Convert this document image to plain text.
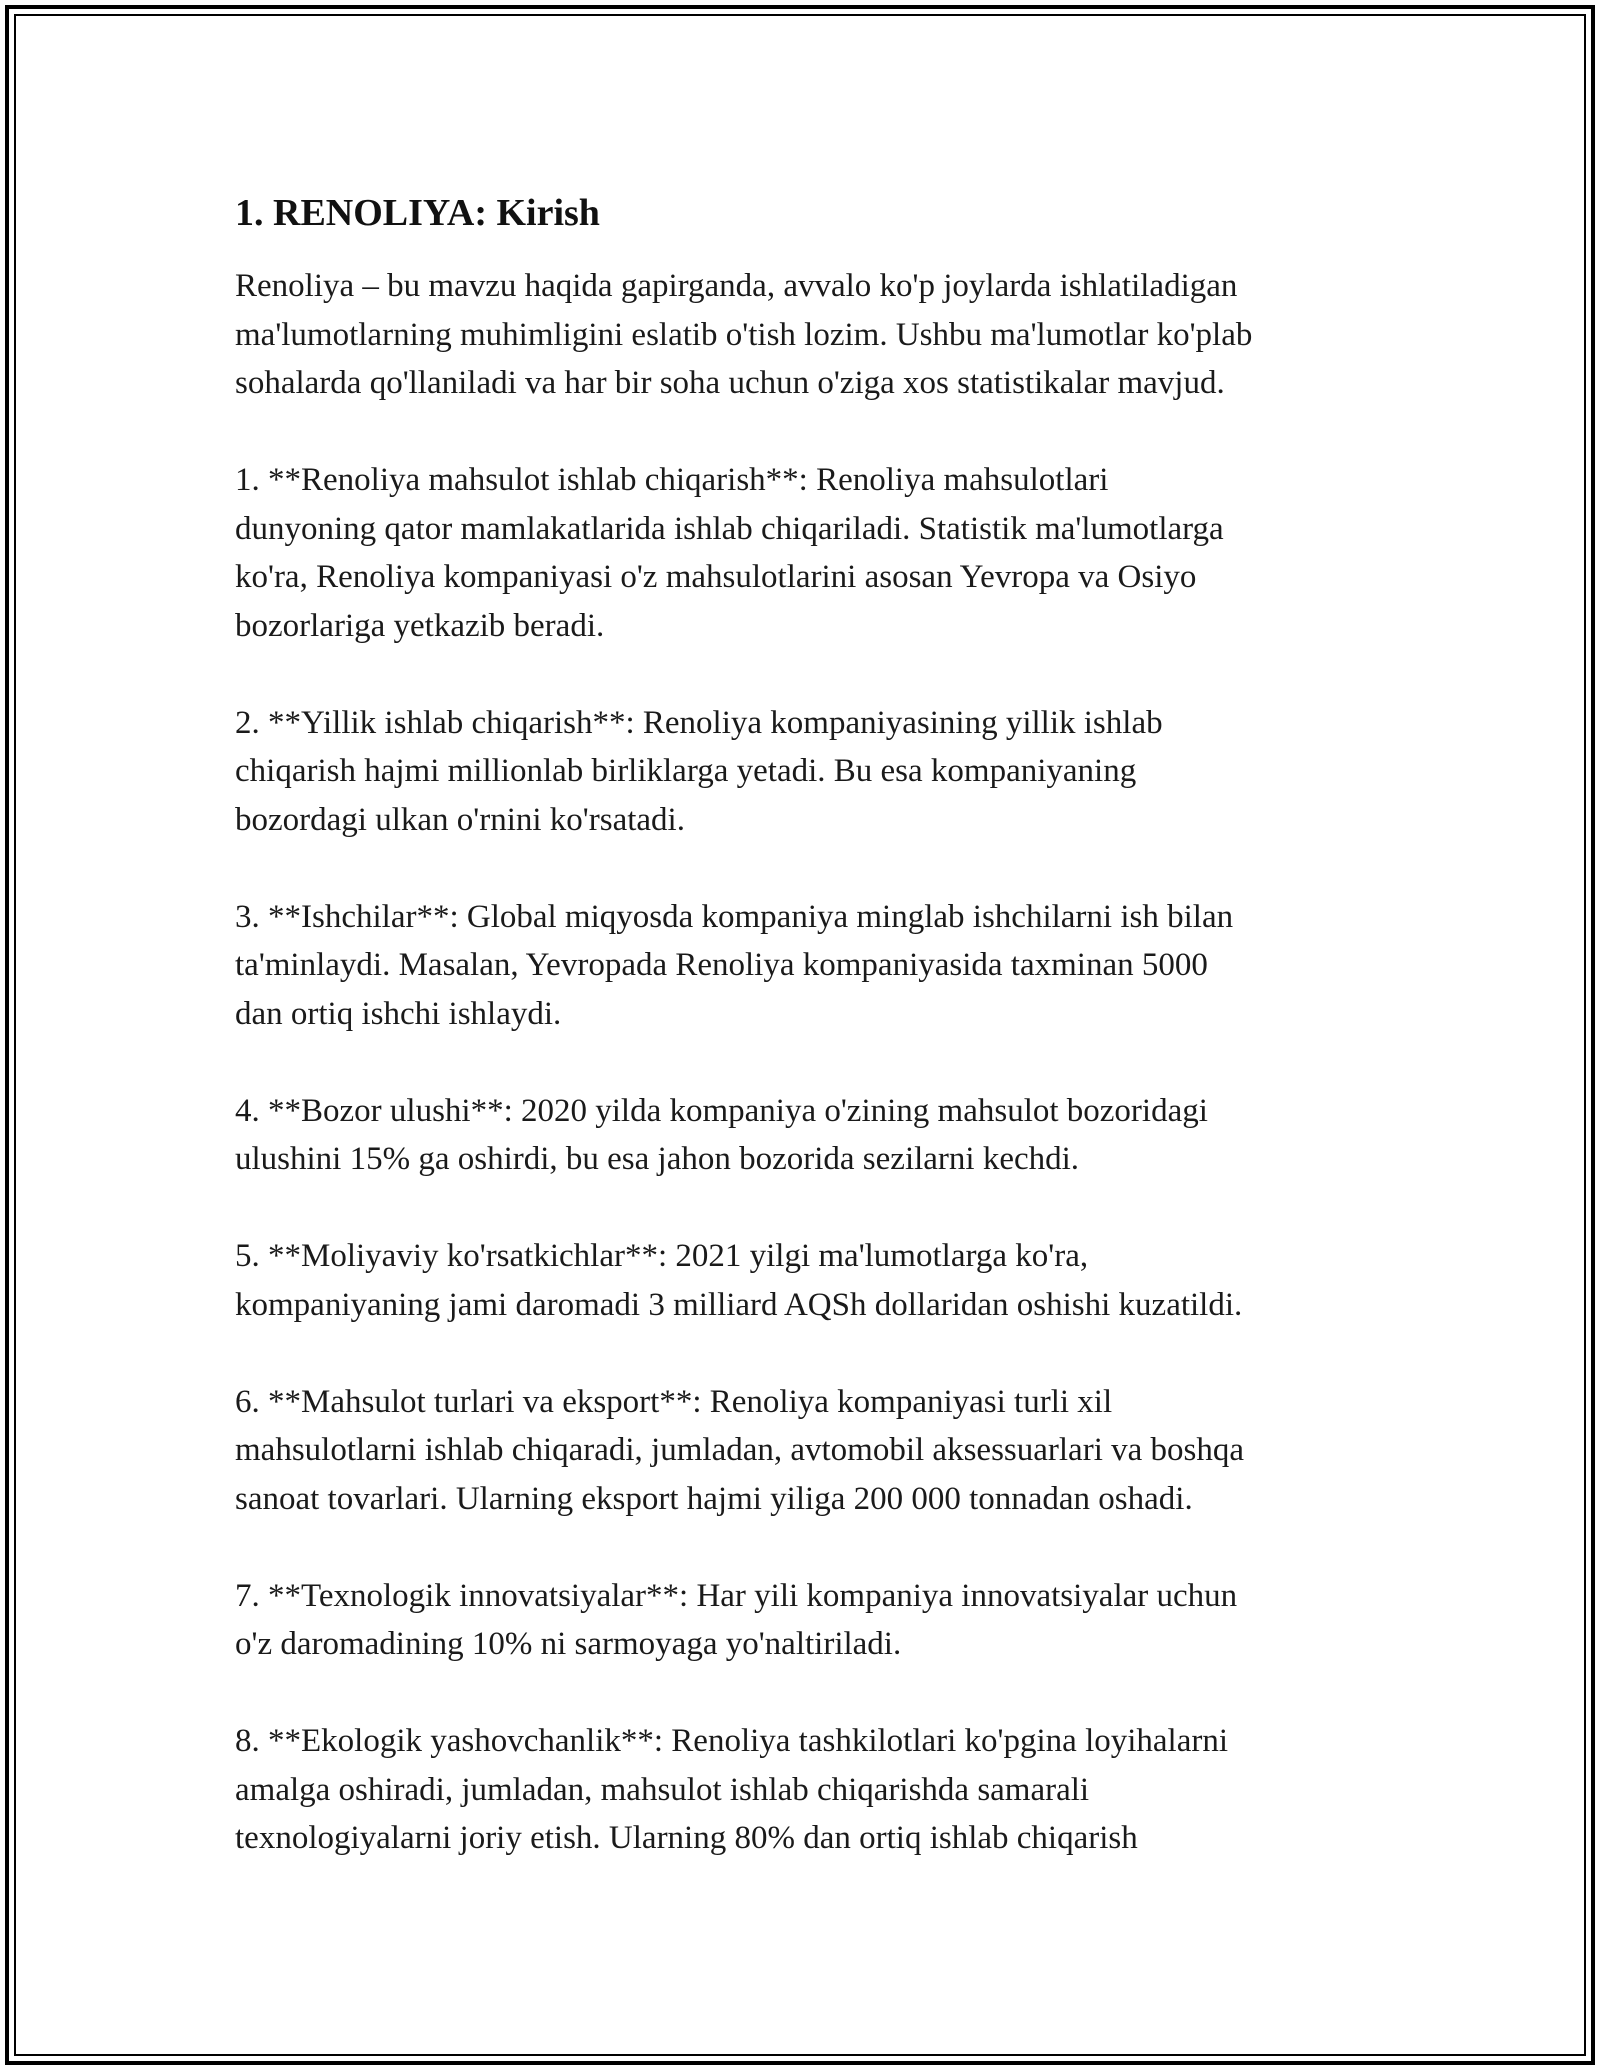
1. RENOLIYA: Kirish

Renoliya – bu mavzu haqida gapirganda, avvalo ko'p joylarda ishlatiladigan
ma'lumotlarning muhimligini eslatib o'tish lozim. Ushbu ma'lumotlar ko'plab
sohalarda qo'llaniladi va har bir soha uchun o'ziga xos statistikalar mavjud.

1. **Renoliya mahsulot ishlab chiqarish**: Renoliya mahsulotlari
dunyoning qator mamlakatlarida ishlab chiqariladi. Statistik ma'lumotlarga
ko'ra, Renoliya kompaniyasi o'z mahsulotlarini asosan Yevropa va Osiyo
bozorlariga yetkazib beradi.

2. **Yillik ishlab chiqarish**: Renoliya kompaniyasining yillik ishlab
chiqarish hajmi millionlab birliklarga yetadi. Bu esa kompaniyaning
bozordagi ulkan o'rnini ko'rsatadi.

3. **Ishchilar**: Global miqyosda kompaniya minglab ishchilarni ish bilan
ta'minlaydi. Masalan, Yevropada Renoliya kompaniyasida taxminan 5000
dan ortiq ishchi ishlaydi.

4. **Bozor ulushi**: 2020 yilda kompaniya o'zining mahsulot bozoridagi
ulushini 15% ga oshirdi, bu esa jahon bozorida sezilarni kechdi.

5. **Moliyaviy ko'rsatkichlar**: 2021 yilgi ma'lumotlarga ko'ra,
kompaniyaning jami daromadi 3 milliard AQSh dollaridan oshishi kuzatildi.

6. **Mahsulot turlari va eksport**: Renoliya kompaniyasi turli xil
mahsulotlarni ishlab chiqaradi, jumladan, avtomobil aksessuarlari va boshqa
sanoat tovarlari. Ularning eksport hajmi yiliga 200 000 tonnadan oshadi.

7. **Texnologik innovatsiyalar**: Har yili kompaniya innovatsiyalar uchun
o'z daromadining 10% ni sarmoyaga yo'naltiriladi.

8. **Ekologik yashovchanlik**: Renoliya tashkilotlari ko'pgina loyihalarni
amalga oshiradi, jumladan, mahsulot ishlab chiqarishda samarali
texnologiyalarni joriy etish. Ularning 80% dan ortiq ishlab chiqarish
